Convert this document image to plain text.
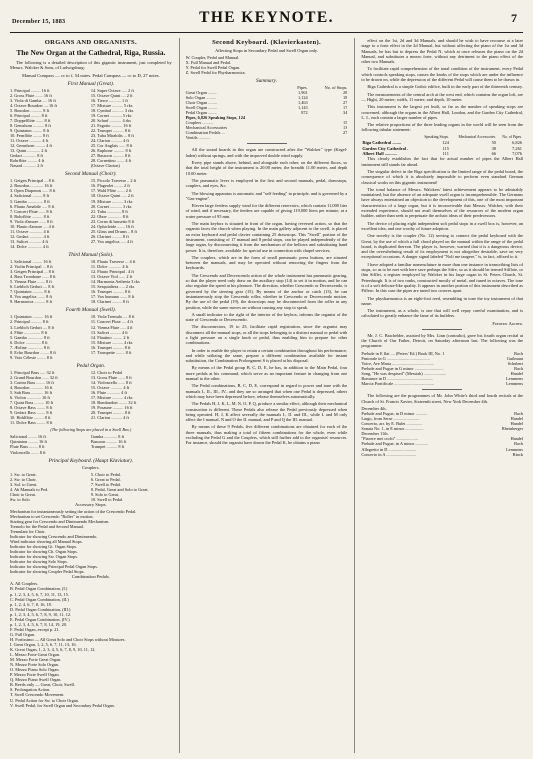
December 15, 1883	THE KEYNOTE.	7
ORGANS AND ORGANISTS.
The New Organ at the Cathedral, Riga, Russia.
The following is a detailed description of this gigantic instrument, just completed by Messrs. Walcker & Sons, of Ludwigsburg:
Manual Compass — cc to f, 54 notes. Pedal Compass — cc to D, 27 notes.
First Manual (Great).
1. Principal ......... 16 ft	14. Super Octave ..... 2 ft
2. Gross Flute ....... 16 ft	15. Octave Quint .... 2 ft
3. Viola di Gamba .... 16 ft	16. Tierce ........... 1 ft
4. Octave Bourdon .... 16 ft	17. Mixture .......... 5 rks
5. Bourdon ........... 8 ft	18. Cymbal ........... 3 rks
6. Principal ......... 8 ft	19. Cornet ........... 5 rks
7. Doppelflöte ....... 8 ft	20. Scharf ........... 4 rks
8. Gemshorn .......... 8 ft	21. Fagotto .......... 16 ft
9. Quintaton ......... 8 ft	22. Trumpet .......... 8 ft
10. Fernflöte ........ 8 ft	23. Tuba Mirabilis ... 8 ft
11. Octave ........... 4 ft	24. Clarion .......... 4 ft
12. Gemshorn ......... 4 ft	25. Cor Anglais ...... 8 ft
13. Quint ............ 2 ft	26. Euphone .......... 8 ft
Gedact ............ 8 ft	27. Bassoon .......... 8 ft
Rohrflöte ......... 4 ft	28. Cornettino ....... 4 ft
Nasard ............ 2 ft	(Octave Clarion)
Second Manual (Choir).
1. Geigen Principal ... 8 ft	15. Piccolo Traverse .. 2 ft
2. Bourdon ............ 16 ft	16. Flageolet ........ 2 ft
3. Open Diapason ...... 8 ft	17. Wald Flöte ....... 2 ft
4. Salicional ......... 8 ft	18. Octave Quint ..... 2 ft
5. Gamba .............. 8 ft	19. Mixture .......... 3 rks
6. Flauto Amabile ..... 8 ft	20. Cornet ........... 3 rks
7. Concert Flute ...... 8 ft	21. Tuba ............. 8 ft
8. Rohrflöte .......... 8 ft	22. Oboe ............. 8 ft
9. Viola d'amore ...... 8 ft	23. Corno di bassetto 8 ft
10. Flauto d'amore .... 4 ft	24. Ophicleide ....... 16 ft
11. Octave ............ 4 ft	25. Glass and Drums .. 8 ft
12. Gedact ............ 4 ft	26. Clarinet ......... 8 ft
13. Salicet ........... 4 ft	27. Vox angelica ..... 4 ft
14. Dolce ............. 4 ft
Third Manual (Solo).
1. Salicional ......... 16 ft	10. Flauto Traverse ... 4 ft
2. Violin Principal ... 8 ft	11. Dolce ............ 4 ft
3. Geigen Principal ... 8 ft	12. Flauto Principal . 4 ft
4. Bass Trombone ...... 8 ft	13. Octave Viol ...... 2 ft
5. Vienna Flute ....... 8 ft	14. Harmonia Aetheria 3 rks
6. Lieblich Gedact .... 8 ft	15. Sesquialtera ..... 2 rks
7. Quintaton .......... 8 ft	16. Trumpet .......... 8 ft
8. Vox angelica ....... 8 ft	17. Vox humana ....... 8 ft
9. Harmonica .......... 8 ft	18. Clarinet ......... 8 ft
Fourth Manual (Swell).
1. Quintaton .......... 16 ft	10. Viola Tremulo .... 8 ft
2. Principal .......... 8 ft	11. Concert Flute .... 4 ft
3. Lieblich Gedact .... 8 ft	12. Vienna Flute ..... 4 ft
4. Flûte ............... 8 ft	13. Salicet .......... 4 ft
5. Gamba .............. 8 ft	14. Flautino ......... 2 ft
6. Dolce .............. 8 ft	15. Mixture .......... 4 rks
7. Æoline .............. 8 ft	16. Trumpet .......... 8 ft
8. Echo Bourdon ........ 8 ft	17. Trompette ........ 8 ft
9. Voix Céleste ........ 8 ft
Pedal Organ.
1. Principal Bass ..... 32 ft	12. Choir to Pedal
2. Grand Bourdon ...... 32 ft	13. Gross Flute ...... 8 ft
3. Contra Bass ........ 16 ft	14. Violoncello ...... 8 ft
4. Bourdon ............ 16 ft	15. Octave ........... 4 ft
5. Sub Bass ........... 16 ft	16. Flute ............ 4 ft
6. Violon ............. 16 ft	17. Mixture .......... 4 rks
7. Quint Bass ......... 10 ft	18. Bombardon ........ 32 ft
8. Octave Bass ........ 8 ft	19. Posaune .......... 16 ft
9. Gedact Bass ........ 8 ft	20. Trumpet .......... 8 ft
10. Hohlflöte ......... 8 ft	21. Clarion .......... 4 ft
11. Dolce Bass ........ 8 ft
(The following Stops are placed in a Swell Box.)
Salicional ........ 16 ft	Gamba ............ 8 ft
Quintaton ......... 16 ft	Bassoon .......... 16 ft
Flute Bass ........ 8 ft	Trumpet .......... 8 ft
Violoncello ....... 8 ft
Principal Keyboard. (Haupt Klaviatur).
Couplers.
1. Sw. to Great.	5. Choir to Pedal.
2. Sw. to Choir.	6. Great to Pedal.
3. Sol. to Great.	7. Swell to Pedal.
4. Ab Manuals to Ped.	8. Pedal, Great and Solo to Great.
Choir to Great.	9. Solo to Great.
Sw. to Solo	10. Swell to Pedal.
Accessory Stops.
Mechanism for instantaneously setting the action of the Crescendo Pedal.
Mechanism to set Crescendo "Roller" in motion.
Starting gear for Crescendo and Diminuendo Mechanism.
Tremolo for the Pedal and Second Manual.
Tremulant for Choir.
Indicator for showing Crescendo and Diminuendo.
Wind indicator showing all Manual Stops.
Indicator for showing Gt. Organ Stops.
Indicator for showing Ch. Organ Stops.
Indicator for showing Sw. Organ Stops.
Indicator for showing Solo Stops.
Indicator for showing Principal Pedal Organ Stops.
Indicator for showing Coupler Pedal Stops.
Combination Pedals.
A. All Couplers.
B. Pedal Organ Combination, (I.)
p. 1, 2, 3, 4, 5, 6, 7, 10, 11, 13, 15.
C. Pedal Organ Combination, (II.)
p. 1, 2, 4, 6, 7, 8, 16, 18.
D. Pedal Organ Combination, (III.)
p. 1, 2, 3, 4, 5, 6, 7, 8, 9, 10, 11, 12.
E. Pedal Organ Combination, (IV.)
p. 1, 2, 3, 4, 5, 6, 7, 8, 14, 19, 20.
F. Pedal Organ, except p. 21.
G. Full Organ.
H. Fortissimo — All Great Solo and Choir Stops without Mixtures.
I. Great Organ, 1, 2, 5, 6, 7, 11, 13, 16.
K. Great Organ, 1, 2, 3, 4, 5, 6, 7, 8, 9, 10, 11, 12.
L. Mezzo Forte Great Organ.
M. Mezzo Forte Great Organ.
N. Mezzo Forte Solo Organ.
O. Mezzo Piano Solo Organ.
P. Mezzo Forte Swell Organ.
Q. Mezzo Piano Swell Organ.
R. Reeds only — Great, Choir, Swell.
S. Prolongation Action.
T. Swell Crescendo Movement.
U. Pedal Action for Sw. to Choir Organ.
V. Swell Pedal, for Swell Organ and Secondary Pedal Organ.
Second Keyboard. (Klavierkasten).
Affecting Stops in Secondary Pedal and Swell Organ only.
W. Coupler, Pedal and Manual.
X. Full Manual and Pedal.
Y. Pedal for Swell Pedal Organ.
Z. Swell Pedal for Physharmonica.
Summary.
	Pipes.	No. of Stops.
Great Organ ........	1,961	28
Solo Organ .........	1,124	18
Choir Organ ........	1,463	27
Swell Organ ........	1,143	17
Pedal Organ ........	872	34
Pipes, 6,826 Speaking Stops, 124		
Couplers ..........		15
Mechanical Accessories		13
Combination Pedals ...		27
Ventils ...........		
All the sound boards in this organ are constructed after the "Walcker" type (Kegel-laden) without springs, and with the improved double wind supply.
Every pipe stands above, behind, and alongside each other, on the different floors, so that the total height of the instrument is 20.00 meter, the breadth 11.00 meter, and depth 10.00 meter.
The pneumatic lever is employed in the first and second manuals, pedal, drawstops, couplers, and eyes, &c.
The blowing apparatus is automatic and "self feeding" in principle, and is governed by a "Gas-engine".
Eleven large feeders supply wind for the different reservoirs, which contain 11,000 liter of wind, and if necessary, the feeders are capable of giving 119,000 liters per minute, at a water pressure of 95 mm.
The main keybox is situated in front of the organ, having reversed action, so that the organist faces the church when playing. In the main gallery adjacent to the swell, is placed an extra keyboard and pedal clavier containing 25 drawstops. This "Swell" portion of the instrument, consisting of 17 manual and 8 pedal stops, can be played independently of the large organ, by disconnecting it from the mechanism of the bellows and substituting hand power. It is, therefore, available for special use in connection with chapel services.
The couplers, which are in the form of small pneumatic press buttons, are situated between the manuals, and may be operated without removing the fingers from the keyboards.
The Crescendo and Decrescendo action of the whole instrument has pneumatic gearing, so that the player need only draw on the auxiliary stop (14) to set it in motion, and he can also regulate the speed at his pleasure. The direction, whether Crescendo or Decrescendo, is governed by the steering gear (15). By means of the anchor or catch (13), he can instantaneously stop the Crescendo roller, whether in Crescendo or Decrescendo motion. By the use of the pedal (19), the drawstops may be disconnected from the roller in any position, while the same moves on without causing any stop to speak.
A small indicator to the right of the interior of the keybox, informs the organist of the state of Crescendo or Decrescendo.
The disconnectors, 19 to 25, facilitate rapid registration, since the organist may disconnect all the manual stops, or all the stops belonging to a distinct manual or pedal with a light pressure on a single knob or pedal, thus enabling him to prepare for other combinations.
In order to enable the player to retain a certain combination throughout his performance, and while utilizing the same, prepare a different combination available for instant substitution, the Combination Prolongment S is placed at his disposal.
By means of the Pedal group B, C, D, E, he has, in addition to the Main Pedal, four more pedals at his command, which serve as an important feature in changing from one manual to the other.
The Pedal combinations, B, C, D, E, correspond in regard to power and tone with the manuals I., II., III., IV., and they are so arranged that when one Pedal is depressed, others which may have been depressed before, release themselves automatically.
The Pedals H, J, K, L, M, N, O, P, Q, produce a similar effect, although their mechanical construction is different. These Pedals also release the Pedal previously depressed when being operated. H, J, K affect severally the manuals I., II. and III., while L and M only affect the I manual, N and O the II. manual, and P and Q the III. manual.
By means of these 9 Pedals, five different combinations are obtained for each of the three manuals, thus making a total of fifteen combinations for the whole, even while excluding the Pedal G and the Couplers, which still further add to the organists' resources. For instance, should the organist have drawn the Pedal K, he obtains a piano
effect on the 1st, 2d and 3d Manuals, and should he wish to have recourse at a later stage to a forte effect in the 2d Manual, but without affecting the piano of the 1st and 3d Manuals, he has but to depress the Pedal N, which at once releases the piano on the 2d Manual, and substitutes a mezzo forte, without any detriment to the piano effect of the other two Manuals.
To facilitate rapid comprehension of the tonal condition of the instrument, every Pedal which controls speaking stops, causes the knobs of the stops which are under the influence to be drawn on, while the depression of the different Pedal will cause them to be drawn in.
Riga Cathedral is a simple Gothic edifice, built in the early part of the thirteenth century.
The measurements of the central arch at the west end, which contains the organ loft, are — Hight, 20 meter; width, 11 meter; and depth, 10 meter.
This instrument is the largest yet built, so far as the number of speaking stops are concerned, although the organs in the Albert Hall, London, and the Garden City Cathedral, L. I., each contain a larger number of pipes.
The relative proportions of the three leading organs in the world will be seen from the following tabular statement:
	Speaking Stops.	Mechanical Accessories.	No. of Pipes.
Riga Cathedral ........	124	50	6,826
Garden City Cathedral .	115	38	7,261
Albert Hall ...........	111	66	7,076
This clearly establishes the fact that for actual number of pipes the Albert Hall instrument still stands far ahead.
The singular defect in the Riga specification is the limited range of the pedal board, the consequence of which it is absolutely impossible to perform even standard German classical works on this gigantic instrument!
The tonal balance of Messrs. Walckers' latest achievement appears to be admirably maintained, but the absence of an adequate swell organ is incomprehensible. The Germans have always entertained an objection to the development of this, one of the most important characteristics of a large organ, but it is inconceivable that Messrs. Walcker, with their extended experience, should not avail themselves of the resources of the modern organ builder, rather than seek to perpetuate the archaic ideas of their predecessors.
The device of placing eight independent soft pedal stops in a swell box is, however, an excellent idea, and one worthy of future adoption.
One novelty is the coupler (No. 12) serving to connect the pedal keyboard with the Great, by the use of which a full chord played on the manual within the range of the pedal board, is duplicated thereon. The player is, however, warned that it is a dangerous device, and the overwhelming result of its employment is not altogether desirable, save on very exceptional occasions. A danger signal labeled "Noli me tangere," is, in fact, affixed to it.
I have adopted a familiar nomenclature in more than one instance in transcribing lists of stops, so as to be met with here save perhaps the Sifre, so as it should be termed Sifflote, or thin Sifflet, a register employed by Walcker in his large organ in St. Peters Church, St. Petersburgh. It is of two ranks, constructed mostly of metal, and tuned in octaves. The tone is of a soft delicate-like quality. It appears in another portion of this instrument described as Piffero. In this case the pipes are tuned two octaves apart.
The physharmonica is an eight-foot reed, resembling in tone the toy instrument of that name.
The instrument, as a whole, is one that will well repay careful examination, and is calculated to greatly enhance the fame of its builders.
Frederic Archer.
Mr. J. C. Batchelder, assisted by Mrs. Linn (contralto), gave his fourth organ recital at the Church of Our Father, Detroit, on Saturday afternoon last. The following was the programme.
Prelude in E flat .... (Peters' Ed.) Book III, No. 1	Bach
Pastorale in G ........................................	Guilmant
Voice, Ave Maria .......................................	Schubert
Prelude and Fugue in G minor ...........................	Bach
Song, "He was despised" (Messiah) .....................	Handel
Romance in D ...........................................	Lemmens
Marcia Pontificale .....................................	Lemmens
The following are the programmes of Mr. John White's third and fourth recitals at the Church of St. Francis Xavier, Sixteenth street, New York December 4th.
December 4th.
Prelude and Fugue, in D minor ...........	Bach
Largo, from Serse ........................	Handel
Concerto, arr. by E. Bulet ...............	Handel
Sonata No. 1, in E minor .................	Rheinberger
December 11th.
"Piacere mei occhi" ....................	Handel
Prelude and Fugue, in A minor ............	Bach
Allegretto in D ..........................	Lemmens
Concerto in A ............................	Rinck
